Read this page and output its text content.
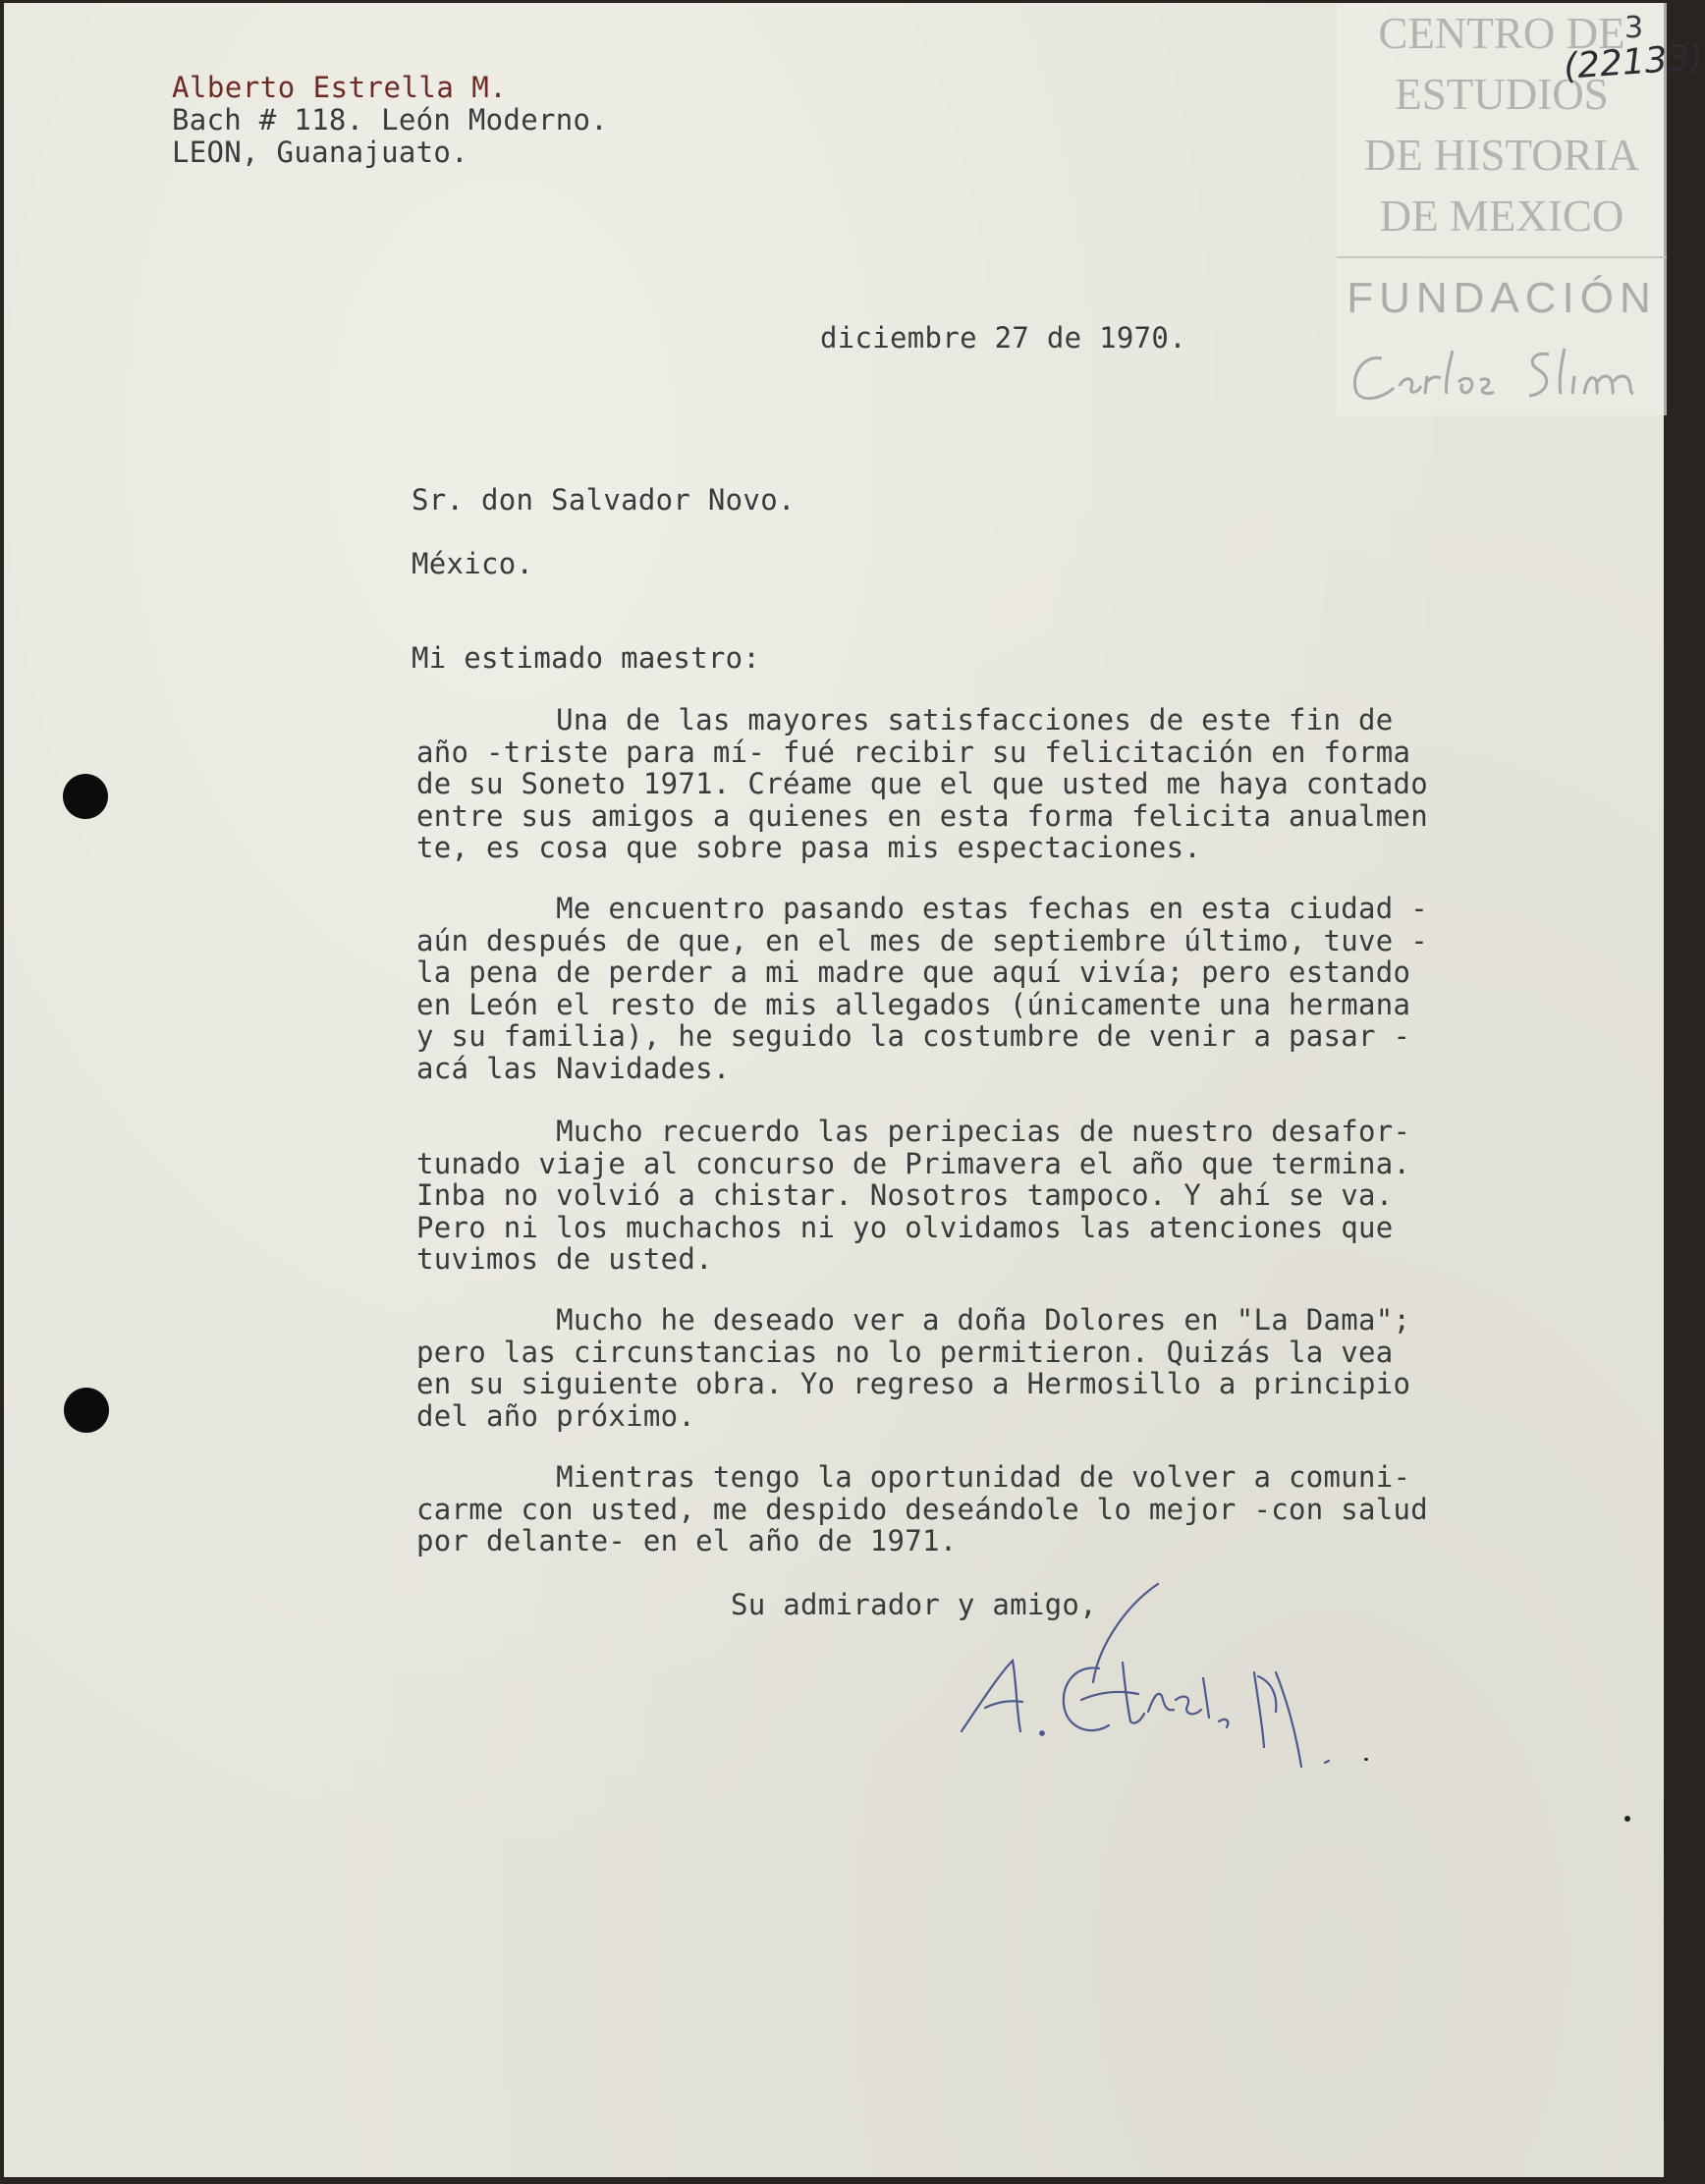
Alberto Estrella M.
Bach # 118. León Moderno.
LEON, Guanajuato.
CENTRO DE
ESTUDIOS
DE HISTORIA
DE MEXICO
FUNDACIÓN
3
(22133)
diciembre 27 de 1970.
Sr. don Salvador Novo.
México.
Mi estimado maestro:
Una de las mayores satisfacciones de este fin de
año -triste para mí- fué recibir su felicitación en forma
de su Soneto 1971. Créame que el que usted me haya contado
entre sus amigos a quienes en esta forma felicita anualmen
te, es cosa que sobre pasa mis espectaciones.
Me encuentro pasando estas fechas en esta ciudad -
aún después de que, en el mes de septiembre último, tuve -
la pena de perder a mi madre que aquí vivía; pero estando
en León el resto de mis allegados (únicamente una hermana
y su familia), he seguido la costumbre de venir a pasar -
acá las Navidades.
Mucho recuerdo las peripecias de nuestro desafor-
tunado viaje al concurso de Primavera el año que termina.
Inba no volvió a chistar. Nosotros tampoco. Y ahí se va.
Pero ni los muchachos ni yo olvidamos las atenciones que
tuvimos de usted.
Mucho he deseado ver a doña Dolores en "La Dama";
pero las circunstancias no lo permitieron. Quizás la vea
en su siguiente obra. Yo regreso a Hermosillo a principio
del año próximo.
Mientras tengo la oportunidad de volver a comuni-
carme con usted, me despido deseándole lo mejor -con salud
por delante- en el año de 1971.
Su admirador y amigo,
A. Estrella M.
